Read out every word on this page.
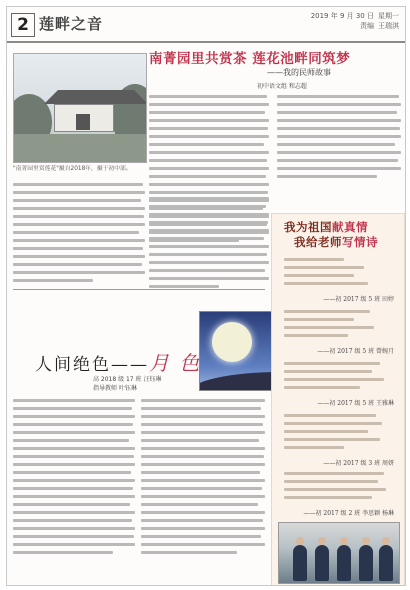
2 莲畔之音	2019 年 9 月 30 日 星期一
责编 王瑞淇
"南菁园里赏莲花"摄自2018年，摄于初中部。
南菁园里共赏茶 莲花池畔同筑梦
——我的民师故事
初中语文组 和志超
人间绝色——月 色
高 2018 级 17 班 汪钰琳
指导教师 叶钰琳
我为祖国献真情
我给老师写情诗
——初 2017 级 5 班 田婷
——初 2017 级 5 班 曾婉月
——初 2017 级 5 班 王雅琳
——初 2017 级 3 班 周妍
——初 2017 级 2 班 李思颖 杨琳
